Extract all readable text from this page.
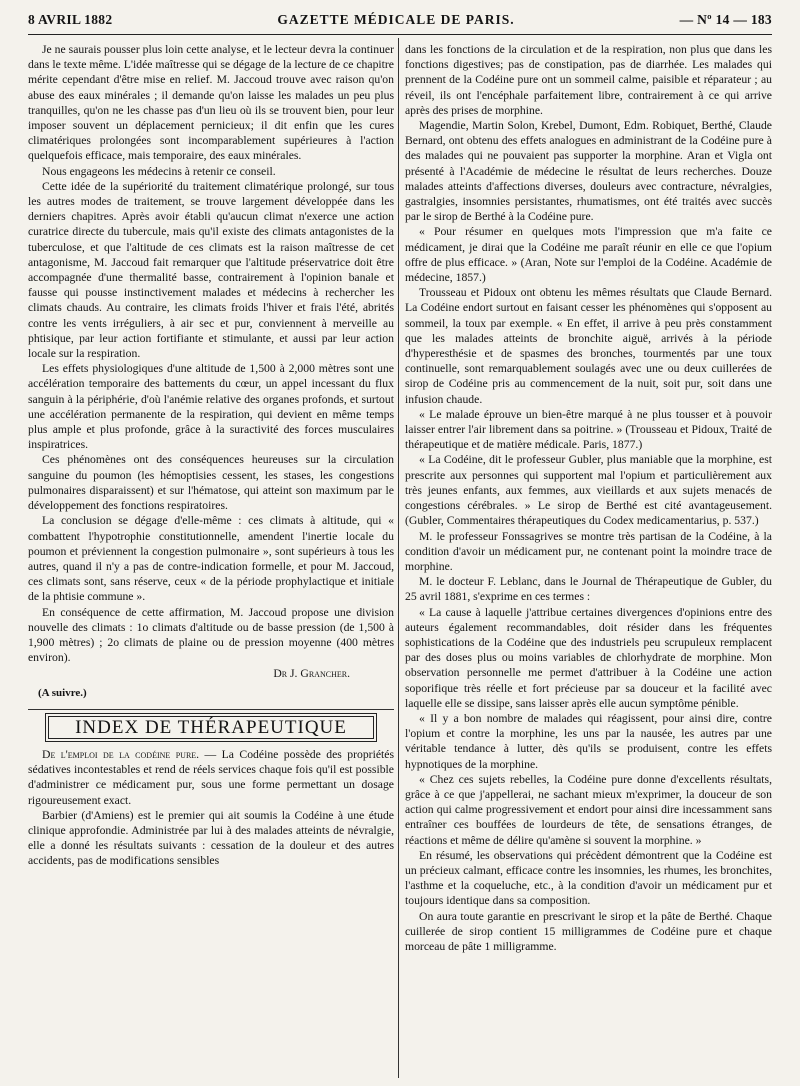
8 AVRIL 1882	GAZETTE MÉDICALE DE PARIS.	— Nº 14 — 183

Je ne saurais pousser plus loin cette analyse, et le lecteur devra la continuer dans le texte même. L'idée maîtresse qui se dégage de la lecture de ce chapitre mérite cependant d'être mise en relief. M. Jaccoud trouve avec raison qu'on abuse des eaux minérales ; il demande qu'on laisse les malades un peu plus tranquilles, qu'on ne les chasse pas d'un lieu où ils se trouvent bien, pour leur imposer souvent un déplacement pernicieux; il dit enfin que les cures climatériques prolongées sont incomparablement supérieures à l'action quelquefois efficace, mais temporaire, des eaux minérales.

Nous engageons les médecins à retenir ce conseil.

Cette idée de la supériorité du traitement climatérique prolongé, sur tous les autres modes de traitement, se trouve largement développée dans les derniers chapitres. Après avoir établi qu'aucun climat n'exerce une action curatrice directe du tubercule, mais qu'il existe des climats antagonistes de la tuberculose, et que l'altitude de ces climats est la raison maîtresse de cet antagonisme, M. Jaccoud fait remarquer que l'altitude préservatrice doit être accompagnée d'une thermalité basse, contrairement à l'opinion banale et fausse qui pousse instinctivement malades et médecins à rechercher les climats chauds. Au contraire, les climats froids l'hiver et frais l'été, abrités contre les vents irréguliers, à air sec et pur, conviennent à merveille au phtisique, par leur action fortifiante et stimulante, et aussi par leur action locale sur la respiration.

Les effets physiologiques d'une altitude de 1,500 à 2,000 mètres sont une accélération temporaire des battements du cœur, un appel incessant du flux sanguin à la périphérie, d'où l'anémie relative des organes profonds, et surtout une accélération permanente de la respiration, qui devient en même temps plus ample et plus profonde, grâce à la suractivité des forces musculaires inspiratrices.

Ces phénomènes ont des conséquences heureuses sur la circulation sanguine du poumon (les hémoptisies cessent, les stases, les congestions pulmonaires disparaissent) et sur l'hématose, qui atteint son maximum par le développement des fonctions respiratoires.

La conclusion se dégage d'elle-même : ces climats à altitude, qui « combattent l'hypotrophie constitutionnelle, amendent l'inertie locale du poumon et préviennent la congestion pulmonaire », sont supérieurs à tous les autres, quand il n'y a pas de contre-indication formelle, et pour M. Jaccoud, ces climats sont, sans réserve, ceux « de la période prophylactique et initiale de la phtisie commune ».

En conséquence de cette affirmation, M. Jaccoud propose une division nouvelle des climats : 1o climats d'altitude ou de basse pression (de 1,500 à 1,900 mètres) ; 2o climats de plaine ou de pression moyenne (400 mètres environ).

Dr J. Grancher.

(A suivre.)

INDEX DE THÉRAPEUTIQUE

De l'emploi de la codéine pure. — La Codéine possède des propriétés sédatives incontestables et rend de réels services chaque fois qu'il est possible d'administrer ce médicament pur, sous une forme permettant un dosage rigoureusement exact.

Barbier (d'Amiens) est le premier qui ait soumis la Codéine à une étude clinique approfondie. Administrée par lui à des malades atteints de névralgie, elle a donné les résultats suivants : cessation de la douleur et des autres accidents, pas de modifications sensibles

dans les fonctions de la circulation et de la respiration, non plus que dans les fonctions digestives; pas de constipation, pas de diarrhée. Les malades qui prennent de la Codéine pure ont un sommeil calme, paisible et réparateur ; au réveil, ils ont l'encéphale parfaitement libre, contrairement à ce qui arrive après des prises de morphine.

Magendie, Martin Solon, Krebel, Dumont, Edm. Robiquet, Berthé, Claude Bernard, ont obtenu des effets analogues en administrant de la Codéine pure à des malades qui ne pouvaient pas supporter la morphine. Aran et Vigla ont présenté à l'Académie de médecine le résultat de leurs recherches. Douze malades atteints d'affections diverses, douleurs avec contracture, névralgies, gastralgies, insomnies persistantes, rhumatismes, ont été traités avec succès par le sirop de Berthé à la Codéine pure.

« Pour résumer en quelques mots l'impression que m'a faite ce médicament, je dirai que la Codéine me paraît réunir en elle ce que l'opium offre de plus efficace. » (Aran, Note sur l'emploi de la Codéine. Académie de médecine, 1857.)

Trousseau et Pidoux ont obtenu les mêmes résultats que Claude Bernard. La Codéine endort surtout en faisant cesser les phénomènes qui s'opposent au sommeil, la toux par exemple. « En effet, il arrive à peu près constamment que les malades atteints de bronchite aiguë, arrivés à la période d'hyperesthésie et de spasmes des bronches, tourmentés par une toux continuelle, sont remarquablement soulagés avec une ou deux cuillerées de sirop de Codéine pris au commencement de la nuit, soit pur, soit dans une infusion chaude.

« Le malade éprouve un bien-être marqué à ne plus tousser et à pouvoir laisser entrer l'air librement dans sa poitrine. » (Trousseau et Pidoux, Traité de thérapeutique et de matière médicale. Paris, 1877.)

« La Codéine, dit le professeur Gubler, plus maniable que la morphine, est prescrite aux personnes qui supportent mal l'opium et particulièrement aux très jeunes enfants, aux femmes, aux vieillards et aux sujets menacés de congestions cérébrales. » Le sirop de Berthé est cité avantageusement. (Gubler, Commentaires thérapeutiques du Codex medicamentarius, p. 537.)

M. le professeur Fonssagrives se montre très partisan de la Codéine, à la condition d'avoir un médicament pur, ne contenant point la moindre trace de morphine.

M. le docteur F. Leblanc, dans le Journal de Thérapeutique de Gubler, du 25 avril 1881, s'exprime en ces termes :

« La cause à laquelle j'attribue certaines divergences d'opinions entre des auteurs également recommandables, doit résider dans les fréquentes sophistications de la Codéine que des industriels peu scrupuleux remplacent par des doses plus ou moins variables de chlorhydrate de morphine. Mon observation personnelle me permet d'attribuer à la Codéine une action soporifique très réelle et fort précieuse par sa douceur et la facilité avec laquelle elle se dissipe, sans laisser après elle aucun symptôme pénible.

« Il y a bon nombre de malades qui réagissent, pour ainsi dire, contre l'opium et contre la morphine, les uns par la nausée, les autres par une véritable tendance à lutter, dès qu'ils se produisent, contre les effets hypnotiques de la morphine.

« Chez ces sujets rebelles, la Codéine pure donne d'excellents résultats, grâce à ce que j'appellerai, ne sachant mieux m'exprimer, la douceur de son action qui calme progressivement et endort pour ainsi dire incessamment sans entraîner ces bouffées de lourdeurs de tête, de sensations étranges, de réactions et même de délire qu'amène si souvent la morphine. »

En résumé, les observations qui précèdent démontrent que la Codéine est un précieux calmant, efficace contre les insomnies, les rhumes, les bronchites, l'asthme et la coqueluche, etc., à la condition d'avoir un médicament pur et toujours identique dans sa composition.

On aura toute garantie en prescrivant le sirop et la pâte de Berthé. Chaque cuillerée de sirop contient 15 milligrammes de Codéine pure et chaque morceau de pâte 1 milligramme.
